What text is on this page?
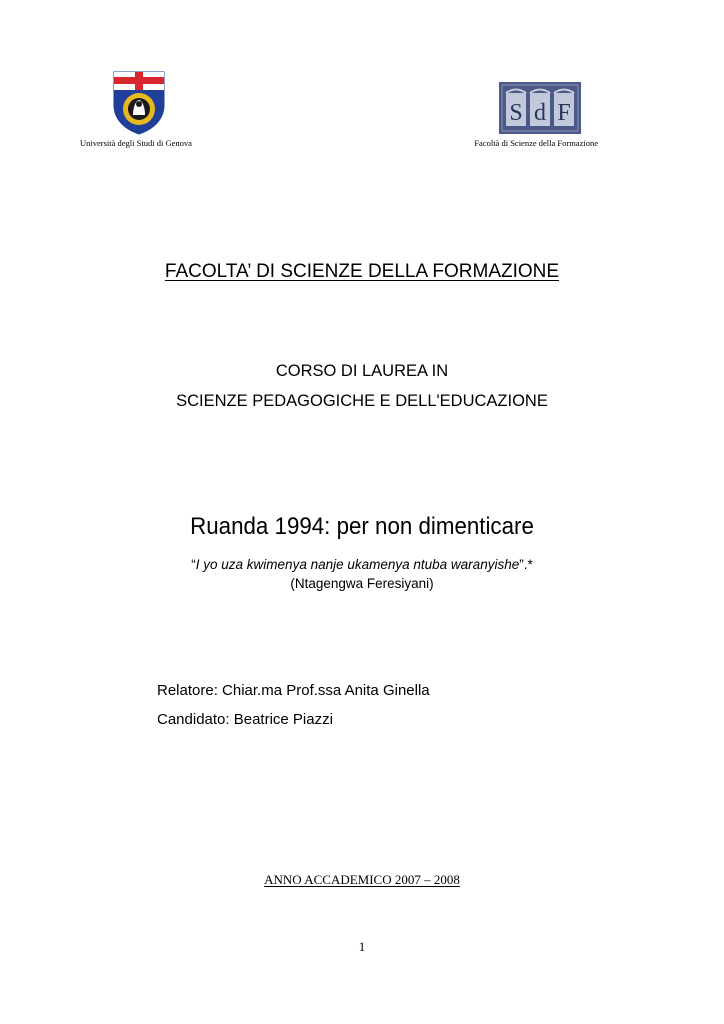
S d F
Università degli Studi di Genova	Facoltà di Scienze della Formazione
FACOLTA’ DI SCIENZE DELLA FORMAZIONE
CORSO DI LAUREA IN
SCIENZE PEDAGOGICHE E DELL'EDUCAZIONE
Ruanda 1994: per non dimenticare
“I yo uza kwimenya nanje ukamenya ntuba waranyishe”.*
(Ntagengwa Feresiyani)
Relatore: Chiar.ma Prof.ssa Anita Ginella
Candidato: Beatrice Piazzi
ANNO ACCADEMICO 2007 – 2008
1
